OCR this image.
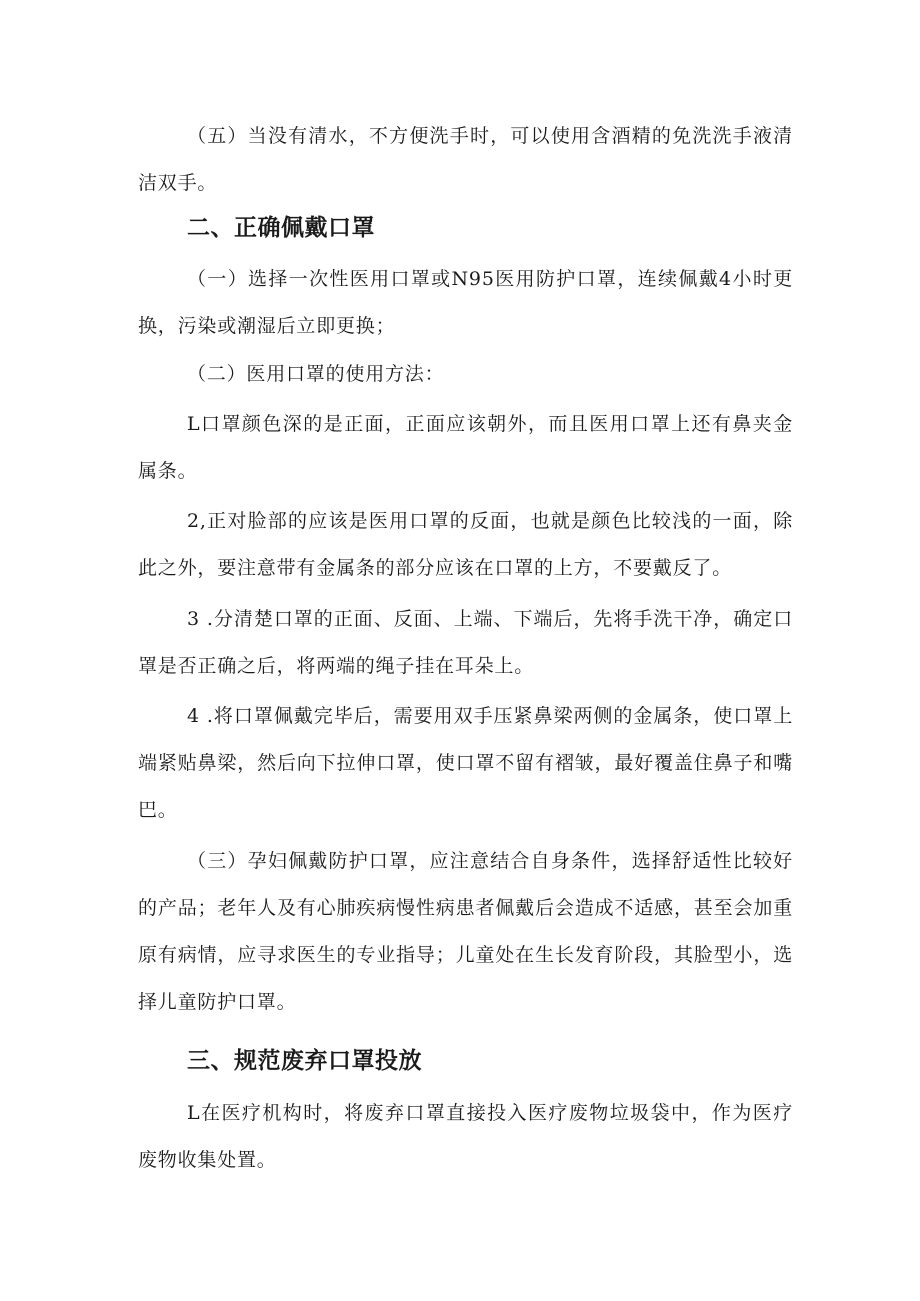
（五）当没有清水，不方便洗手时，可以使用含酒精的免洗洗手液清洁双手。

二、正确佩戴口罩

（一）选择一次性医用口罩或N95医用防护口罩，连续佩戴4小时更换，污染或潮湿后立即更换；

（二）医用口罩的使用方法：

L口罩颜色深的是正面，正面应该朝外，而且医用口罩上还有鼻夹金属条。

2,正对脸部的应该是医用口罩的反面，也就是颜色比较浅的一面，除此之外，要注意带有金属条的部分应该在口罩的上方，不要戴反了。

3 .分清楚口罩的正面、反面、上端、下端后，先将手洗干净，确定口罩是否正确之后，将两端的绳子挂在耳朵上。

4 .将口罩佩戴完毕后，需要用双手压紧鼻梁两侧的金属条，使口罩上端紧贴鼻梁，然后向下拉伸口罩，使口罩不留有褶皱，最好覆盖住鼻子和嘴巴。

（三）孕妇佩戴防护口罩，应注意结合自身条件，选择舒适性比较好的产品；老年人及有心肺疾病慢性病患者佩戴后会造成不适感，甚至会加重原有病情，应寻求医生的专业指导；儿童处在生长发育阶段，其脸型小，选择儿童防护口罩。

三、规范废弃口罩投放

L在医疗机构时，将废弃口罩直接投入医疗废物垃圾袋中，作为医疗废物收集处置。
